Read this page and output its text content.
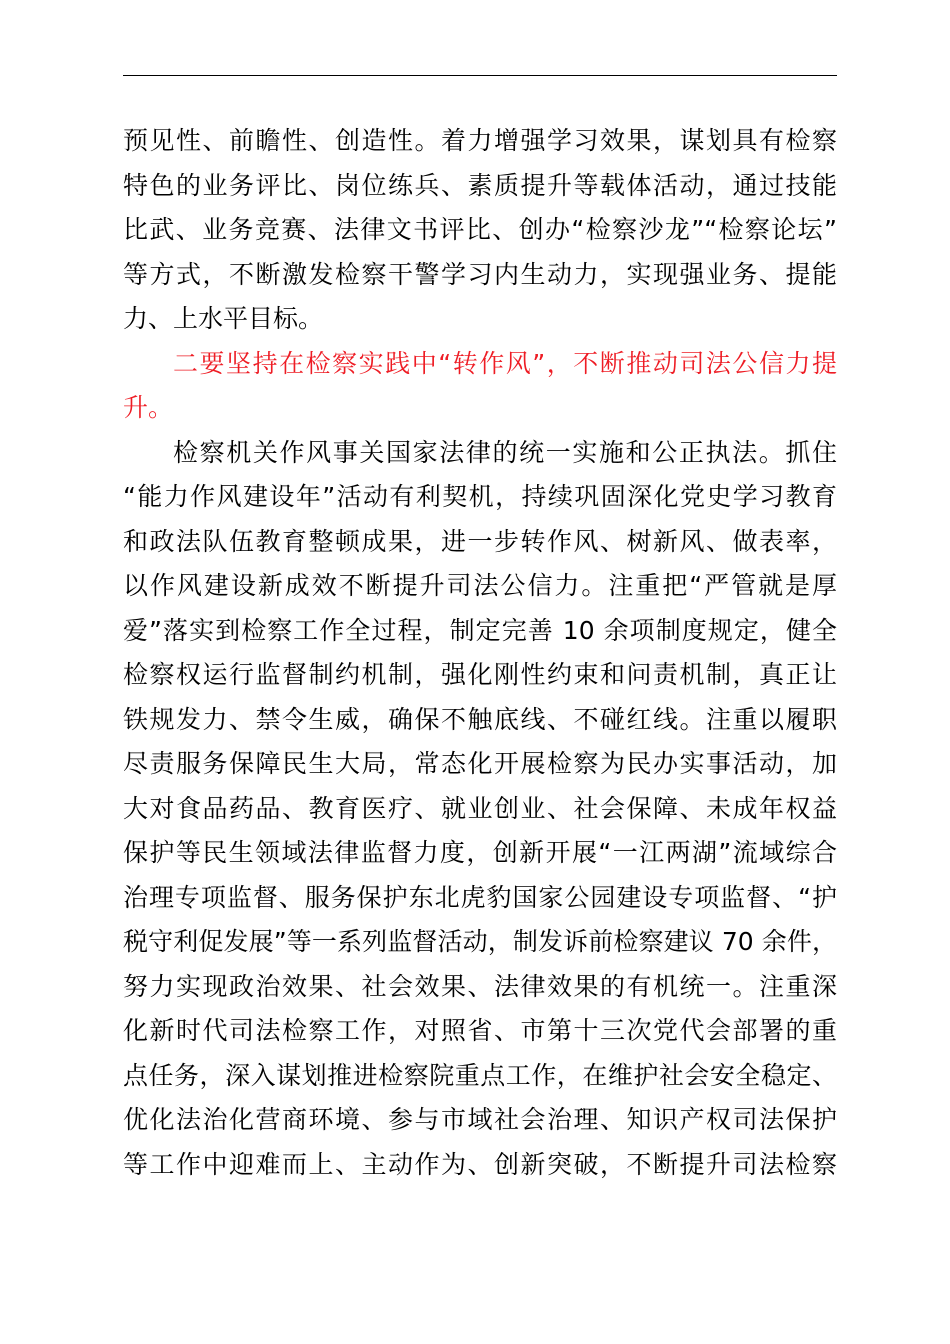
预见性、前瞻性、创造性。着力增强学习效果，谋划具有检察
特色的业务评比、岗位练兵、素质提升等载体活动，通过技能
比武、业务竞赛、法律文书评比、创办“检察沙龙”“检察论坛”
等方式，不断激发检察干警学习内生动力，实现强业务、提能
力、上水平目标。
二要坚持在检察实践中“转作风”，不断推动司法公信力提
升。
检察机关作风事关国家法律的统一实施和公正执法。抓住
“能力作风建设年”活动有利契机，持续巩固深化党史学习教育
和政法队伍教育整顿成果，进一步转作风、树新风、做表率，
以作风建设新成效不断提升司法公信力。注重把“严管就是厚
爱”落实到检察工作全过程，制定完善 10 余项制度规定，健全
检察权运行监督制约机制，强化刚性约束和问责机制，真正让
铁规发力、禁令生威，确保不触底线、不碰红线。注重以履职
尽责服务保障民生大局，常态化开展检察为民办实事活动，加
大对食品药品、教育医疗、就业创业、社会保障、未成年权益
保护等民生领域法律监督力度，创新开展“一江两湖”流域综合
治理专项监督、服务保护东北虎豹国家公园建设专项监督、“护
税守利促发展”等一系列监督活动，制发诉前检察建议 70 余件，
努力实现政治效果、社会效果、法律效果的有机统一。注重深
化新时代司法检察工作，对照省、市第十三次党代会部署的重
点任务，深入谋划推进检察院重点工作，在维护社会安全稳定、
优化法治化营商环境、参与市域社会治理、知识产权司法保护
等工作中迎难而上、主动作为、创新突破，不断提升司法检察
